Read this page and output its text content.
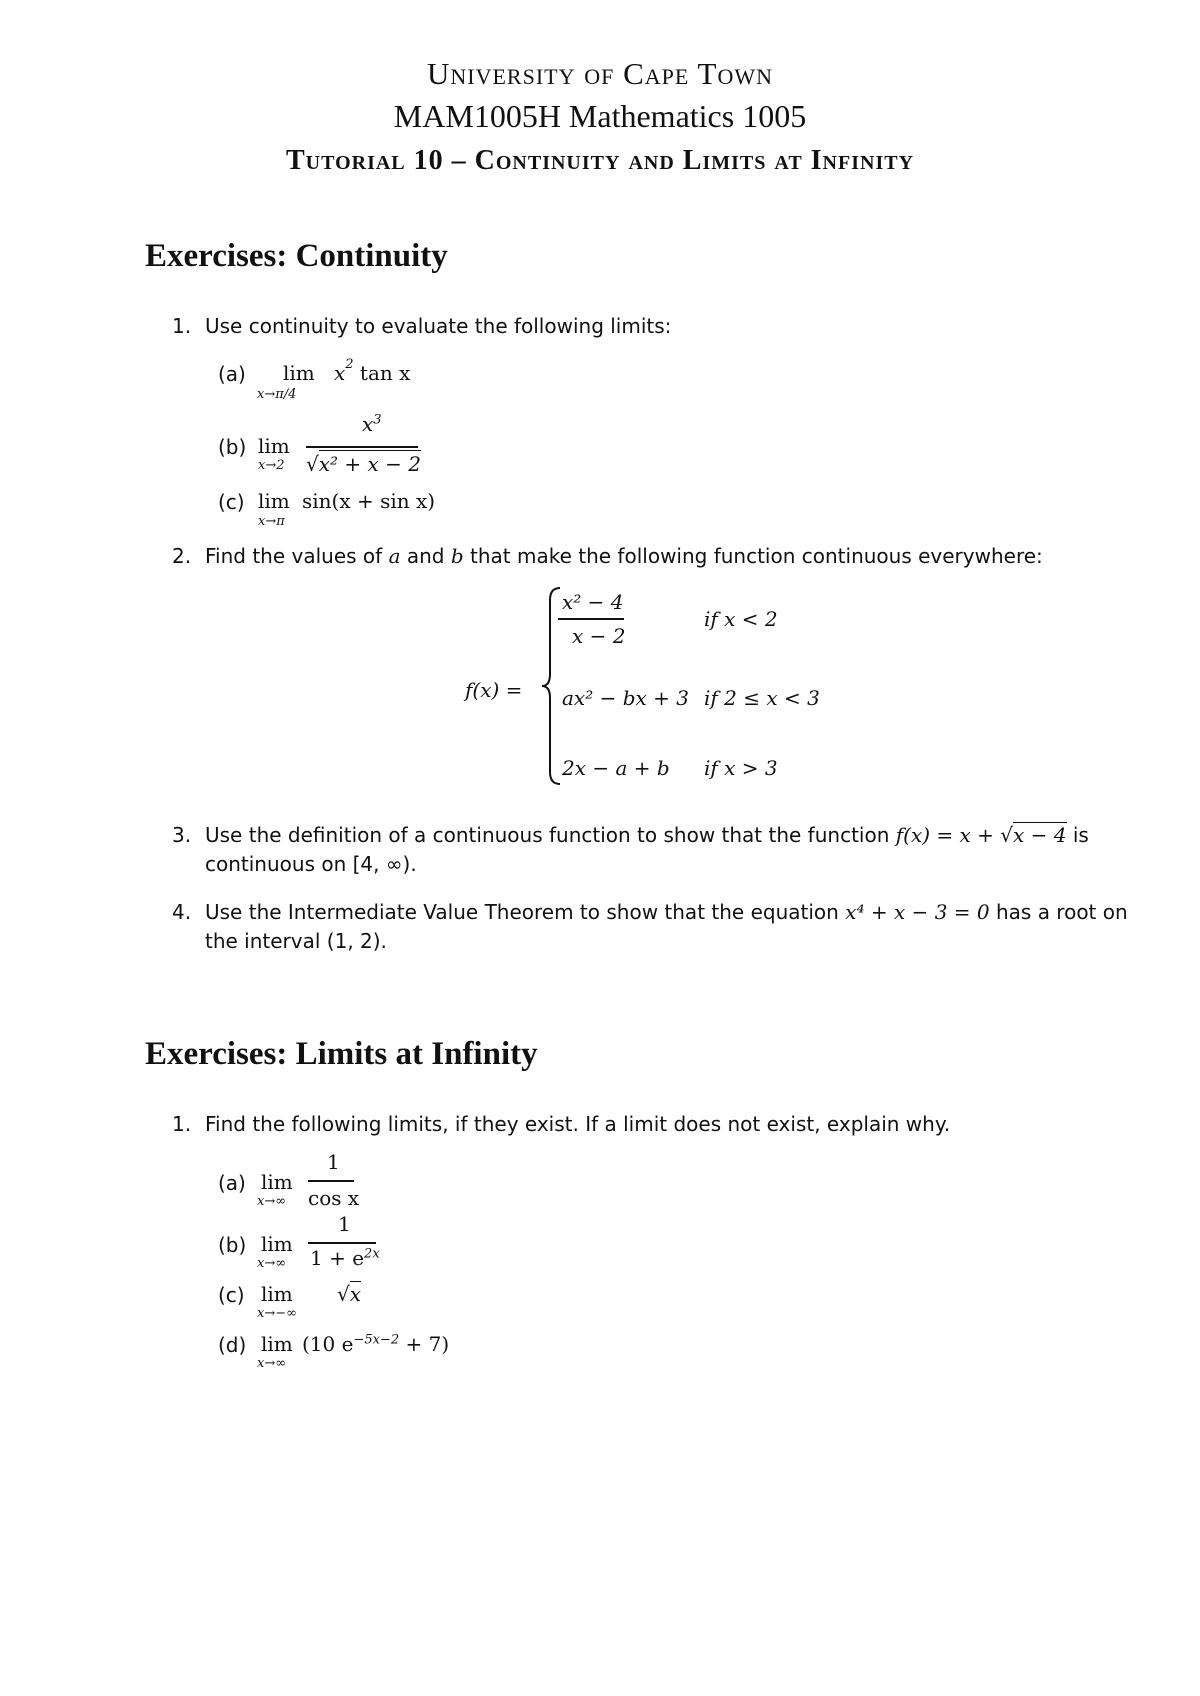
University of Cape Town
MAM1005H Mathematics 1005
Tutorial 10 – Continuity and Limits at Infinity
Exercises: Continuity
1. Use continuity to evaluate the following limits:
(a) lim
x→π/4
$x^2$ tan x
(b) lim
x→2
$x^3$
√x² + x − 2
(c) lim
x→π
sin(x + sin x)
2. Find the values of a and b that make the following function continuous everywhere:
f(x) =
x² − 4
x − 2
if x < 2
ax² − bx + 3 if 2 ≤ x < 3
2x − a + b if x > 3
3. Use the definition of a continuous function to show that the function f(x) = x + √x − 4 is
continuous on [4, ∞).
4. Use the Intermediate Value Theorem to show that the equation x⁴ + x − 3 = 0 has a root on
the interval (1, 2).
Exercises: Limits at Infinity
1. Find the following limits, if they exist. If a limit does not exist, explain why.
(a) lim
x→∞
1
cos x
(b) lim
x→∞
1
$1 + e^{2x}$
(c) lim
x→−∞
√x
(d) lim
x→∞
(10 $e^{-5x-2} + 7$)
